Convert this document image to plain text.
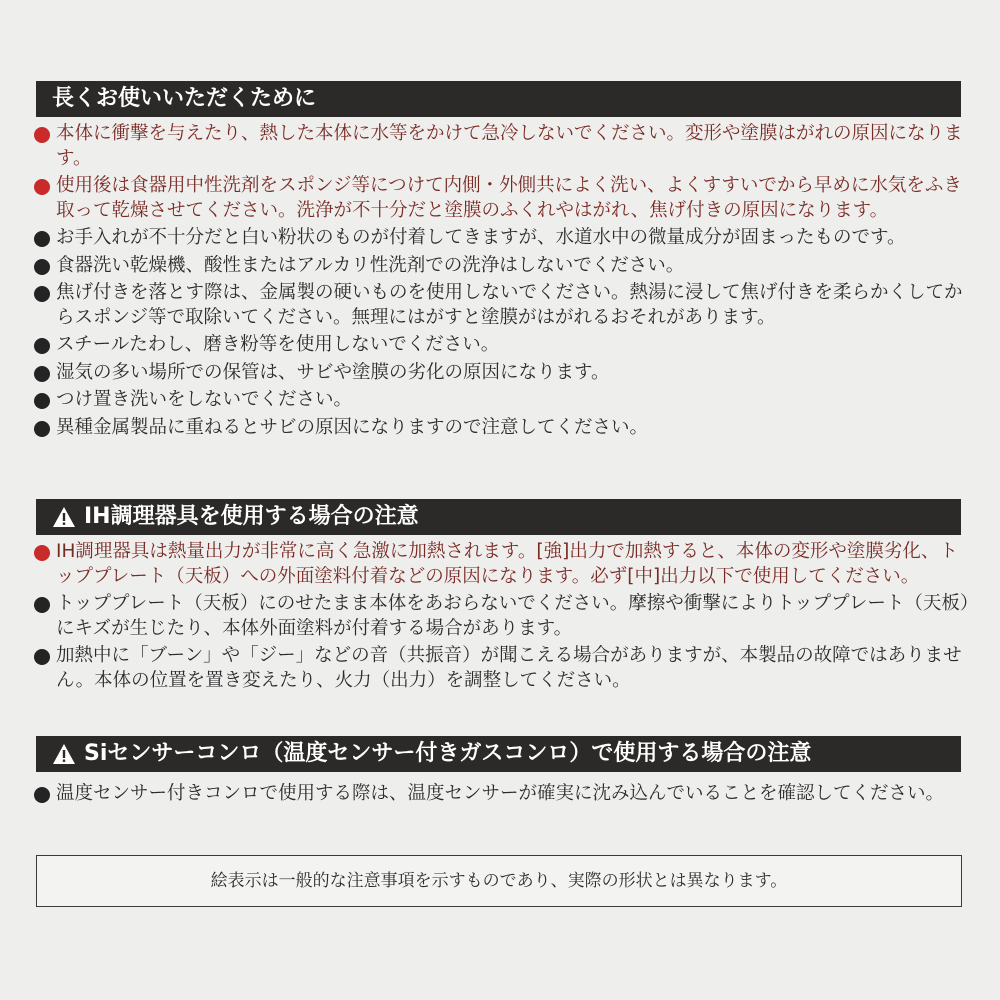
長くお使いいただくために
本体に衝撃を与えたり、熱した本体に水等をかけて急冷しないでください。変形や塗膜はがれの原因になります。
使用後は食器用中性洗剤をスポンジ等につけて内側・外側共によく洗い、よくすすいでから早めに水気をふき取って乾燥させてください。洗浄が不十分だと塗膜のふくれやはがれ、焦げ付きの原因になります。
お手入れが不十分だと白い粉状のものが付着してきますが、水道水中の微量成分が固まったものです。
食器洗い乾燥機、酸性またはアルカリ性洗剤での洗浄はしないでください。
焦げ付きを落とす際は、金属製の硬いものを使用しないでください。熱湯に浸して焦げ付きを柔らかくしてからスポンジ等で取除いてください。無理にはがすと塗膜がはがれるおそれがあります。
スチールたわし、磨き粉等を使用しないでください。
湿気の多い場所での保管は、サビや塗膜の劣化の原因になります。
つけ置き洗いをしないでください。
異種金属製品に重ねるとサビの原因になりますので注意してください。
IH調理器具を使用する場合の注意
IH調理器具は熱量出力が非常に高く急激に加熱されます。[強]出力で加熱すると、本体の変形や塗膜劣化、トッププレート（天板）への外面塗料付着などの原因になります。必ず[中]出力以下で使用してください。
トッププレート（天板）にのせたまま本体をあおらないでください。摩擦や衝撃によりトッププレート（天板）にキズが生じたり、本体外面塗料が付着する場合があります。
加熱中に「ブーン」や「ジー」などの音（共振音）が聞こえる場合がありますが、本製品の故障ではありません。本体の位置を置き変えたり、火力（出力）を調整してください。
Siセンサーコンロ（温度センサー付きガスコンロ）で使用する場合の注意
温度センサー付きコンロで使用する際は、温度センサーが確実に沈み込んでいることを確認してください。
絵表示は一般的な注意事項を示すものであり、実際の形状とは異なります。
